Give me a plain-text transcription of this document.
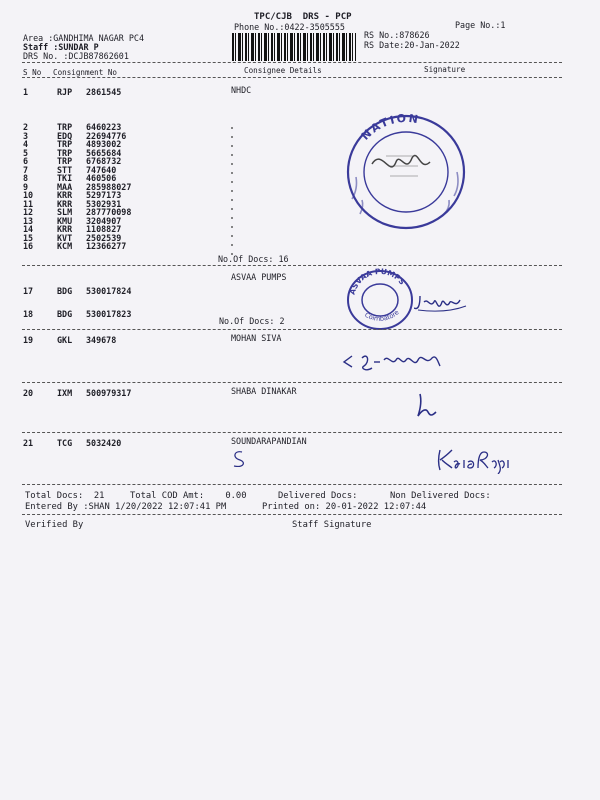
TPC/CJB  DRS - PCP
Phone No.:0422-3505555	Page No.:1
Area :GANDHIMA NAGAR PC4
Staff :SUNDAR P
DRS No. :DCJB87862601
RS No.:878626
RS Date:20-Jan-2022
S No Consignment No	Consignee Details	Signature
1	RJP 2861545	NHDC
2	TRP 6460223
3	EDQ 22694776
4	TRP 4893002
5	TRP 5665684
6	TRP 6768732
7	STT 747640
8	TKI 460506
9	MAA 285988027
10	KRR 5297173
11	KRR 5302931
12	SLM 287770098
13	KMU 3204907
14	KRR 1108827
15	KVT 2502539
16	KCM 12366277
No.Of Docs: 16
NATION
17	BDG 530017824
ASVAA PUMPS
18	BDG 530017823
No.Of Docs: 2
ASVAA PUMPS
Coimbatore
19	GKL 349678	MOHAN SIVA
20	IXM 500979317	SHABA DINAKAR
21	TCG 5032420	SOUNDARAPANDIAN
Total Docs:  21	Total COD Amt:    0.00	Delivered Docs:	Non Delivered Docs:
Entered By :SHAN 1/20/2022 12:07:41 PM	Printed on: 20-01-2022 12:07:44
Verified By	Staff Signature
